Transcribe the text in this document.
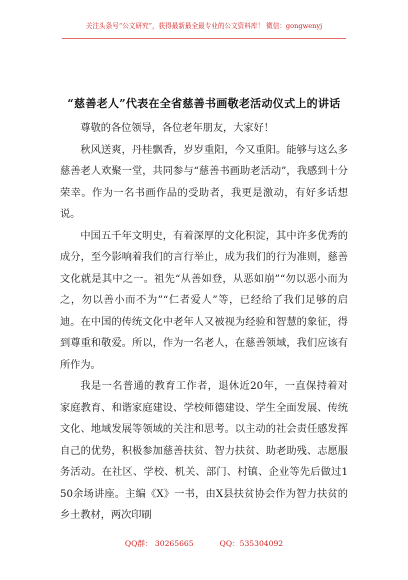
关注头条号“公文研究”，获得最新最全最专业的公文资料库！ 微信：gongwenyj
“慈善老人”代表在全省慈善书画敬老活动仪式上的讲话

尊敬的各位领导，各位老年朋友，大家好！

秋风送爽，丹桂飘香，岁岁重阳，今又重阳。能够与这么多慈善老人欢聚一堂，共同参与“慈善书画助老活动”，我感到十分荣幸。作为一名书画作品的受助者，我更是激动，有好多话想说。

中国五千年文明史，有着深厚的文化积淀，其中许多优秀的成分，至今影响着我们的言行举止，成为我们的行为准则，慈善文化就是其中之一。祖先“从善如登，从恶如崩”“勿以恶小而为之，勿以善小而不为”“仁者爱人”等，已经给了我们足够的启迪。在中国的传统文化中老年人又被视为经验和智慧的象征，得到尊重和敬爱。所以，作为一名老人，在慈善领域，我们应该有所作为。

我是一名普通的教育工作者，退休近20年，一直保持着对家庭教育、和谐家庭建设、学校师德建设、学生全面发展、传统文化、地域发展等领域的关注和思考。以主动的社会责任感发挥自己的优势，积极参加慈善扶贫、智力扶贫、助老助残、志愿服务活动。在社区、学校、机关、部门、村镇、企业等先后做过150余场讲座。主编《X》一书，由X县扶贫协会作为智力扶贫的乡土教材，两次印刷

QQ群： 30265665	QQ：535304092
